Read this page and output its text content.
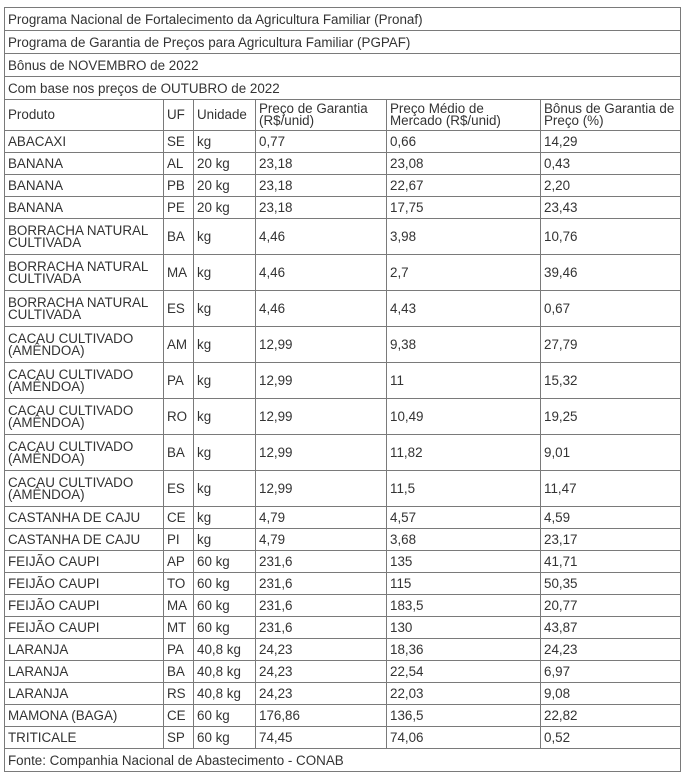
Programa Nacional de Fortalecimento da Agricultura Familiar (Pronaf)					
Programa de Garantia de Preços para Agricultura Familiar (PGPAF)					
Bônus de NOVEMBRO de 2022					
Com base nos preços de OUTUBRO de 2022					
Produto	UF	Unidade	Preço de Garantia (R$/unid)	Preço Médio de Mercado (R$/unid)	Bônus de Garantia de Preço (%)
ABACAXI	SE	kg	0,77	0,66	14,29
BANANA	AL	20 kg	23,18	23,08	0,43
BANANA	PB	20 kg	23,18	22,67	2,20
BANANA	PE	20 kg	23,18	17,75	23,43
BORRACHA NATURAL CULTIVADA	BA	kg	4,46	3,98	10,76
BORRACHA NATURAL CULTIVADA	MA	kg	4,46	2,7	39,46
BORRACHA NATURAL CULTIVADA	ES	kg	4,46	4,43	0,67
CACAU CULTIVADO (AMÊNDOA)	AM	kg	12,99	9,38	27,79
CACAU CULTIVADO (AMÊNDOA)	PA	kg	12,99	11	15,32
CACAU CULTIVADO (AMÊNDOA)	RO	kg	12,99	10,49	19,25
CACAU CULTIVADO (AMÊNDOA)	BA	kg	12,99	11,82	9,01
CACAU CULTIVADO (AMÊNDOA)	ES	kg	12,99	11,5	11,47
CASTANHA DE CAJU	CE	kg	4,79	4,57	4,59
CASTANHA DE CAJU	PI	kg	4,79	3,68	23,17
FEIJÃO CAUPI	AP	60 kg	231,6	135	41,71
FEIJÃO CAUPI	TO	60 kg	231,6	115	50,35
FEIJÃO CAUPI	MA	60 kg	231,6	183,5	20,77
FEIJÃO CAUPI	MT	60 kg	231,6	130	43,87
LARANJA	PA	40,8 kg	24,23	18,36	24,23
LARANJA	BA	40,8 kg	24,23	22,54	6,97
LARANJA	RS	40,8 kg	24,23	22,03	9,08
MAMONA (BAGA)	CE	60 kg	176,86	136,5	22,82
TRITICALE	SP	60 kg	74,45	74,06	0,52
Fonte: Companhia Nacional de Abastecimento - CONAB					
